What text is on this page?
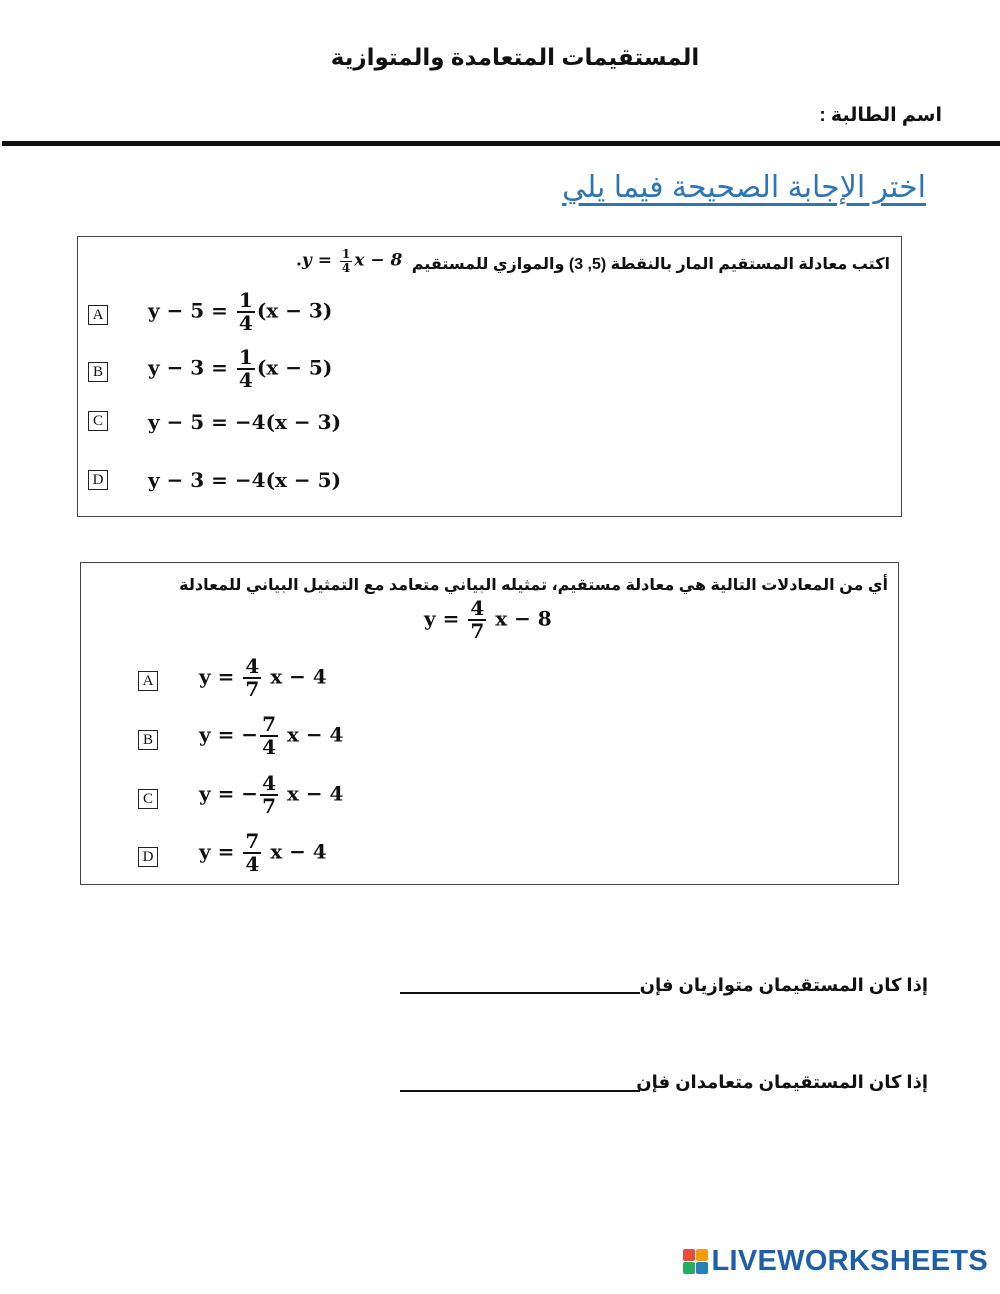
المستقيمات المتعامدة والمتوازية
اسم الطالبة :
اختر الإجابة الصحيحة فيما يلي
اكتب معادلة المستقيم المار بالنقطة (5, 3) والموازي للمستقيم
$.y = \frac{1}{4}$ x − 8
A $y - 5 = \frac{1}{4} (x - 3)$
B $y - 3 = \frac{1}{4} (x - 5)$
C y − 5 = −4(x − 3)
D y − 3 = −4(x − 5)
أي من المعادلات التالية هي معادلة مستقيم، تمثيله البياني متعامد مع التمثيل البياني للمعادلة
$y = \frac{4}{7}$ x − 8
A $y = \frac{4}{7}$ x − 4
B y = − $\frac{7}{4}$ x − 4
C y = − $\frac{4}{7}$ x − 4
D $y = \frac{7}{4}$ x − 4
إذا كان المستقيمان متوازيان فإن
إذا كان المستقيمان متعامدان فإن
LIVEWORKSHEETS
